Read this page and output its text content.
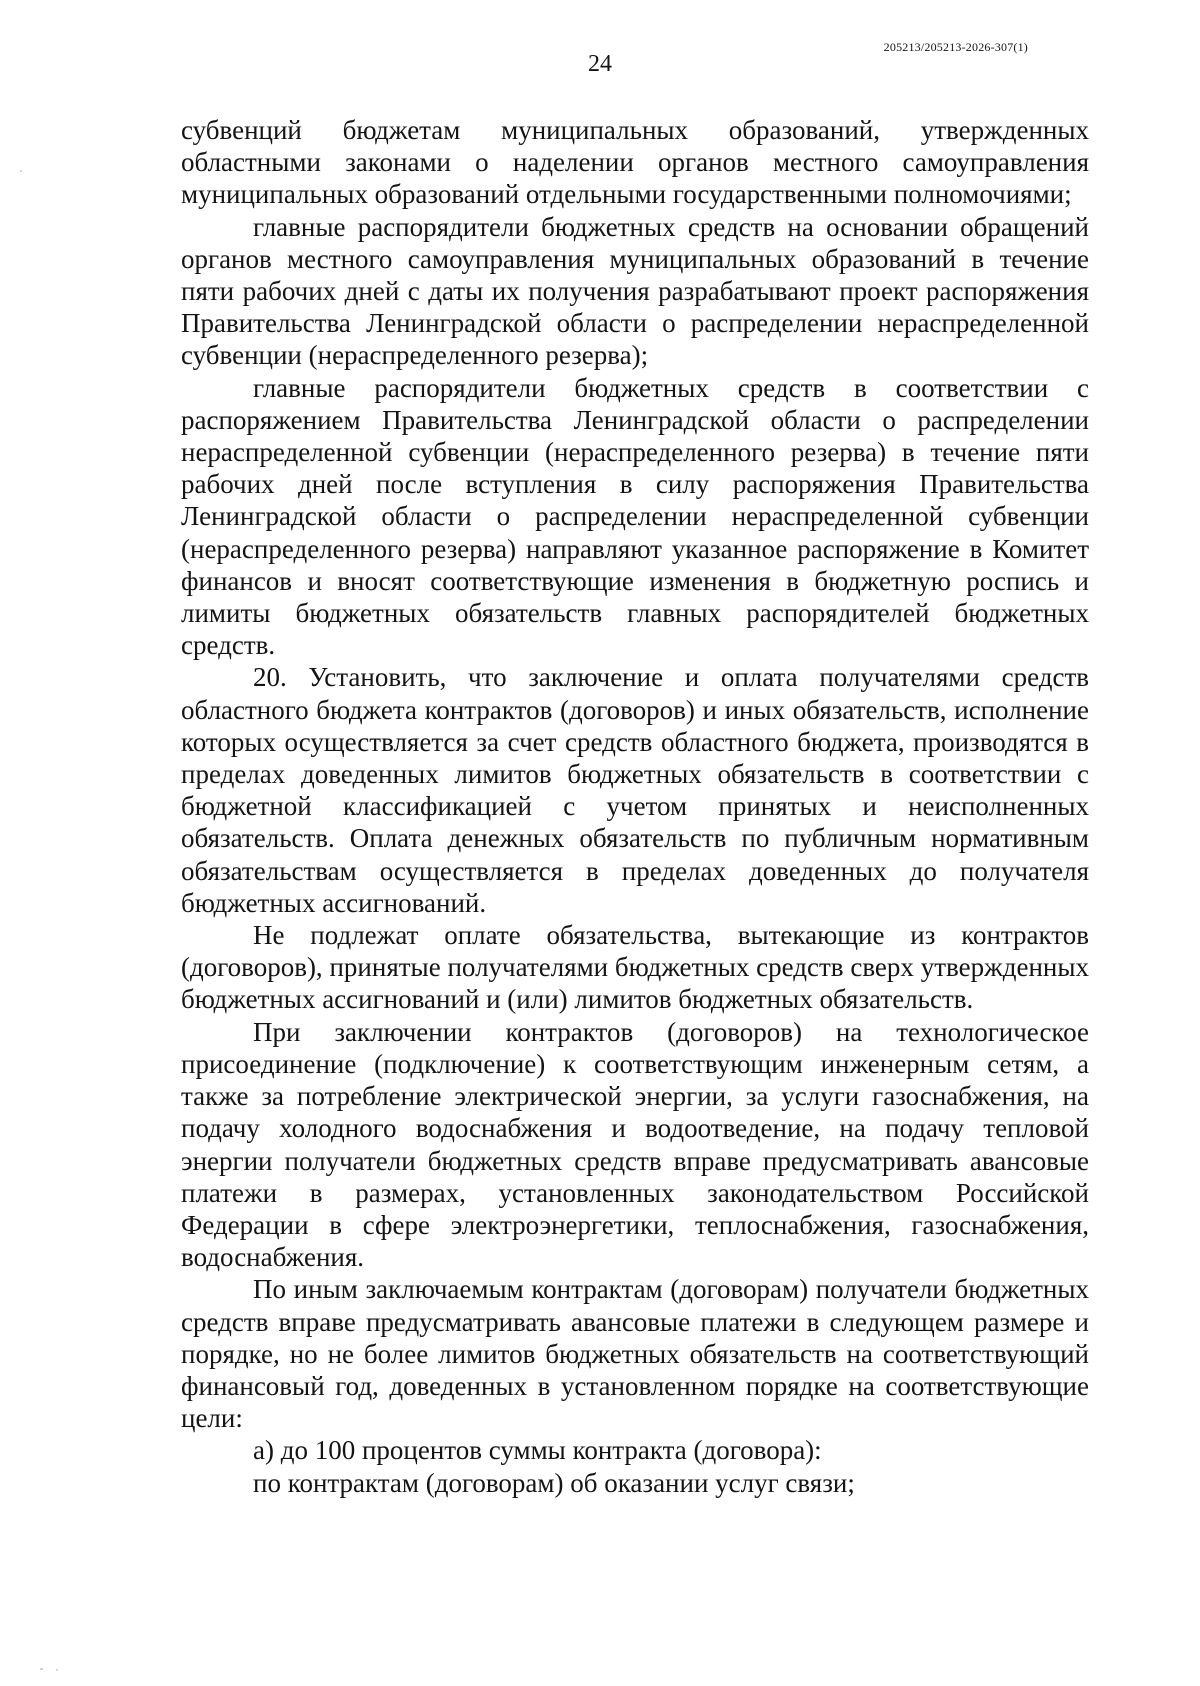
24
205213/205213-2026-307(1)

субвенций бюджетам муниципальных образований, утвержденных областными законами о наделении органов местного самоуправления муниципальных образований отдельными государственными полномочиями;

главные распорядители бюджетных средств на основании обращений органов местного самоуправления муниципальных образований в течение пяти рабочих дней с даты их получения разрабатывают проект распоряжения Правительства Ленинградской области о распределении нераспределенной субвенции (нераспределенного резерва);

главные распорядители бюджетных средств в соответствии с распоряжением Правительства Ленинградской области о распределении нераспределенной субвенции (нераспределенного резерва) в течение пяти рабочих дней после вступления в силу распоряжения Правительства Ленинградской области о распределении нераспределенной субвенции (нераспределенного резерва) направляют указанное распоряжение в Комитет финансов и вносят соответствующие изменения в бюджетную роспись и лимиты бюджетных обязательств главных распорядителей бюджетных средств.

20. Установить, что заключение и оплата получателями средств областного бюджета контрактов (договоров) и иных обязательств, исполнение которых осуществляется за счет средств областного бюджета, производятся в пределах доведенных лимитов бюджетных обязательств в соответствии с бюджетной классификацией с учетом принятых и неисполненных обязательств. Оплата денежных обязательств по публичным нормативным обязательствам осуществляется в пределах доведенных до получателя бюджетных ассигнований.

Не подлежат оплате обязательства, вытекающие из контрактов (договоров), принятые получателями бюджетных средств сверх утвержденных бюджетных ассигнований и (или) лимитов бюджетных обязательств.

При заключении контрактов (договоров) на технологическое присоединение (подключение) к соответствующим инженерным сетям, а также за потребление электрической энергии, за услуги газоснабжения, на подачу холодного водоснабжения и водоотведение, на подачу тепловой энергии получатели бюджетных средств вправе предусматривать авансовые платежи в размерах, установленных законодательством Российской Федерации в сфере электроэнергетики, теплоснабжения, газоснабжения, водоснабжения.

По иным заключаемым контрактам (договорам) получатели бюджетных средств вправе предусматривать авансовые платежи в следующем размере и порядке, но не более лимитов бюджетных обязательств на соответствующий финансовый год, доведенных в установленном порядке на соответствующие цели:

а) до 100 процентов суммы контракта (договора):

по контрактам (договорам) об оказании услуг связи;
